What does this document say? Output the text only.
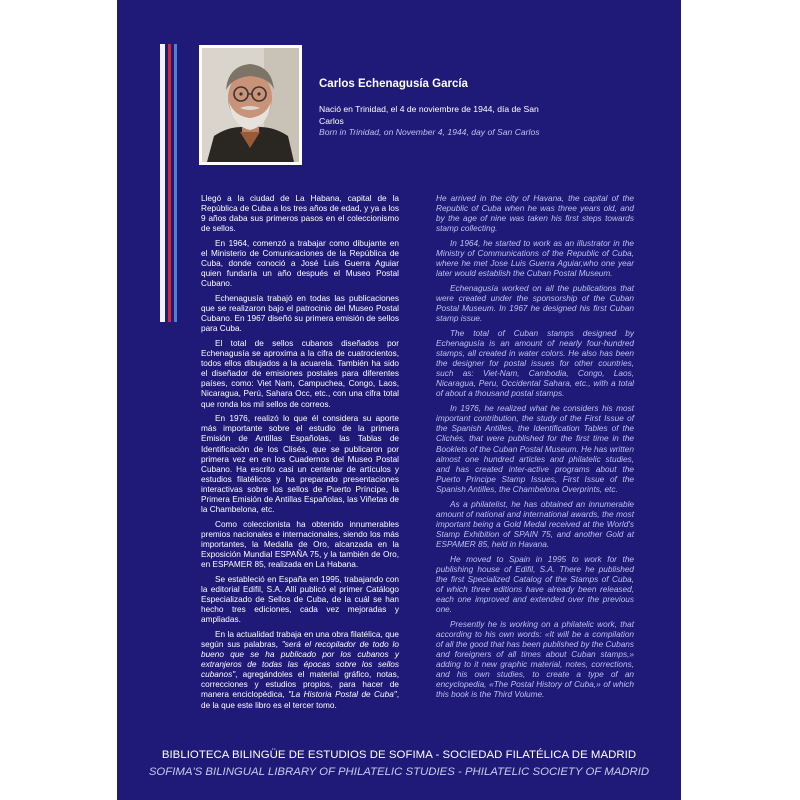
Carlos Echenagusía García
Nació en Trinidad, el 4 de noviembre de 1944, día de San Carlos
Born in Trinidad, on November 4, 1944, day of San Carlos

Llegó a la ciudad de La Habana, capital de la República de Cuba a los tres años de edad, y ya a los 9 años daba sus primeros pasos en el coleccionismo de sellos.

En 1964, comenzó a trabajar como dibujante en el Ministerio de Comunicaciones de la República de Cuba, donde conoció a José Luis Guerra Aguiar quien fundaría un año después el Museo Postal Cubano.

Echenagusía trabajó en todas las publicaciones que se realizaron bajo el patrocinio del Museo Postal Cubano. En 1967 diseñó su primera emisión de sellos para Cuba.

El total de sellos cubanos diseñados por Echenagusía se aproxima a la cifra de cuatrocientos, todos ellos dibujados a la acuarela. También ha sido el diseñador de emisiones postales para diferentes países, como: Viet Nam, Campuchea, Congo, Laos, Nicaragua, Perú, Sahara Occ, etc., con una cifra total que ronda los mil sellos de correos.

En 1976, realizó lo que él considera su aporte más importante sobre el estudio de la primera Emisión de Antillas Españolas, las Tablas de Identificación de los Clisés, que se publicaron por primera vez en en los Cuadernos del Museo Postal Cubano. Ha escrito casi un centenar de artículos y estudios filatélicos y ha preparado presentaciones interactivas sobre los sellos de Puerto Príncipe, la Primera Emisión de Antillas Españolas, las Viñetas de la Chambelona, etc.

Como coleccionista ha obtenido innumerables premios nacionales e internacionales, siendo los más importantes, la Medalla de Oro, alcanzada en la Exposición Mundial ESPAÑA 75, y la también de Oro, en ESPAMER 85, realizada en La Habana.

Se estableció en España en 1995, trabajando con la editorial Edifil, S.A. Allí publicó el primer Catálogo Especializado de Sellos de Cuba, de la cuál se han hecho tres ediciones, cada vez mejoradas y ampliadas.

En la actualidad trabaja en una obra filatélica, que según sus palabras, "será el recopilador de todo lo bueno que se ha publicado por los cubanos y extranjeros de todas las épocas sobre los sellos cubanos", agregándoles el material gráfico, notas, correcciones y estudios propios, para hacer de manera enciclopédica, "La Historia Postal de Cuba", de la que este libro es el tercer tomo.

He arrived in the city of Havana, the capital of the Republic of Cuba when he was three years old, and by the age of nine was taken his first steps towards stamp collecting.

In 1964, he started to work as an illustrator in the Ministry of Communications of the Republic of Cuba, where he met Jose Luis Guerra Aguiar,who one year later would establish the Cuban Postal Museum.

Echenagusía worked on all the publications that were created under the sponsorship of the Cuban Postal Museum. In 1967 he designed his first Cuban stamp issue.

The total of Cuban stamps designed by Echenagusía is an amount of nearly four-hundred stamps, all created in water colors. He also has been the designer for postal issues for other countries, such as: Viet-Nam, Cambodia, Congo, Laos, Nicaragua, Peru, Occidental Sahara, etc., with a total of about a thousand postal stamps.

In 1976, he realized what he considers his most important contribution, the study of the First Issue of the Spanish Antilles, the Identification Tables of the Clichés, that were published for the first time in the Booklets of the Cuban Postal Museum. He has written almost one hundred articles and philatelic studies, and has created inter-active programs about the Puerto Principe Stamp Issues, First Issue of the Spanish Antilles, the Chambelona Overprints, etc.

As a philatelist, he has obtained an innumerable amount of national and international awards, the most important being a Gold Medal received at the World's Stamp Exhibition of SPAIN 75, and another Gold at ESPAMER 85, held in Havana.

He moved to Spain in 1995 to work for the publishing house of Edifil, S.A. There he published the first Specialized Catalog of the Stamps of Cuba, of which three editions have already been released, each one improved and extended over the previous one.

Presently he is working on a philatelic work, that according to his own words: «It will be a compilation of all the good that has been published by the Cubans and foreigners of all times about Cuban stamps,» adding to it new graphic material, notes, corrections, and his own studies, to create a type of an encyclopedia, «The Postal History of Cuba,» of which this book is the Third Volume.

BIBLIOTECA BILINGÜE DE ESTUDIOS DE SOFIMA - SOCIEDAD FILATÉLICA DE MADRID
SOFIMA'S BILINGUAL LIBRARY OF PHILATELIC STUDIES - PHILATELIC SOCIETY OF MADRID
